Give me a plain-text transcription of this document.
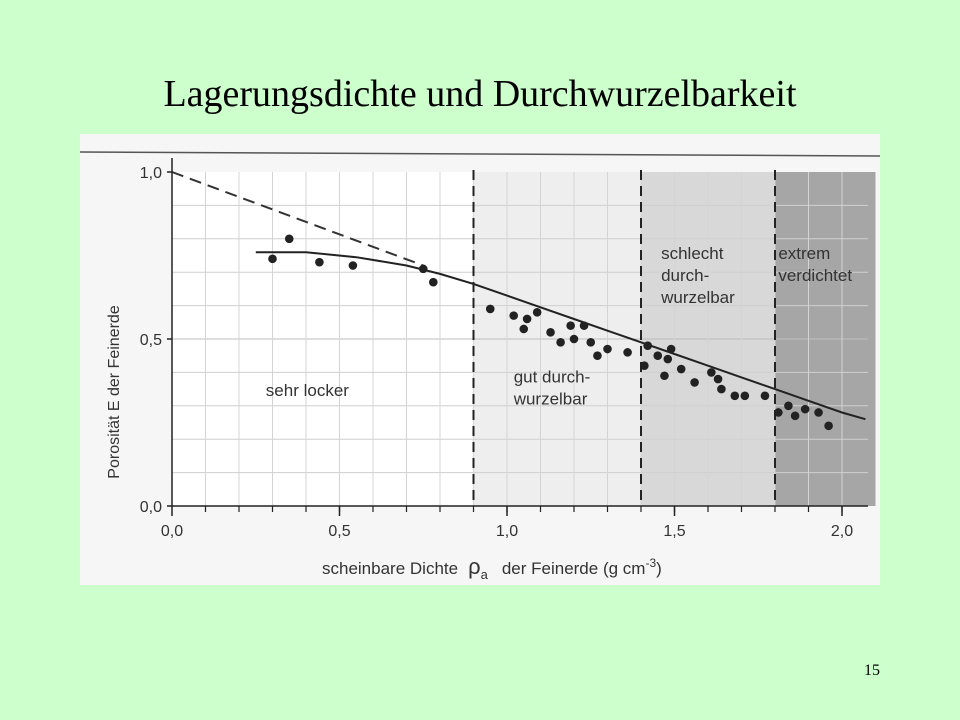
Lagerungsdichte und Durchwurzelbarkeit
sehr locker
gut durch-wurzelbar
schlecht durch-wurzelbar
extrem verdichtet
0,0
0,5
1,0
0,0	0,5	1,0	1,5	2,0
Porosität E der Feinerde
scheinbare Dichte $\rho_a$ der Feinerde (g $cm^{-3}$)
15
